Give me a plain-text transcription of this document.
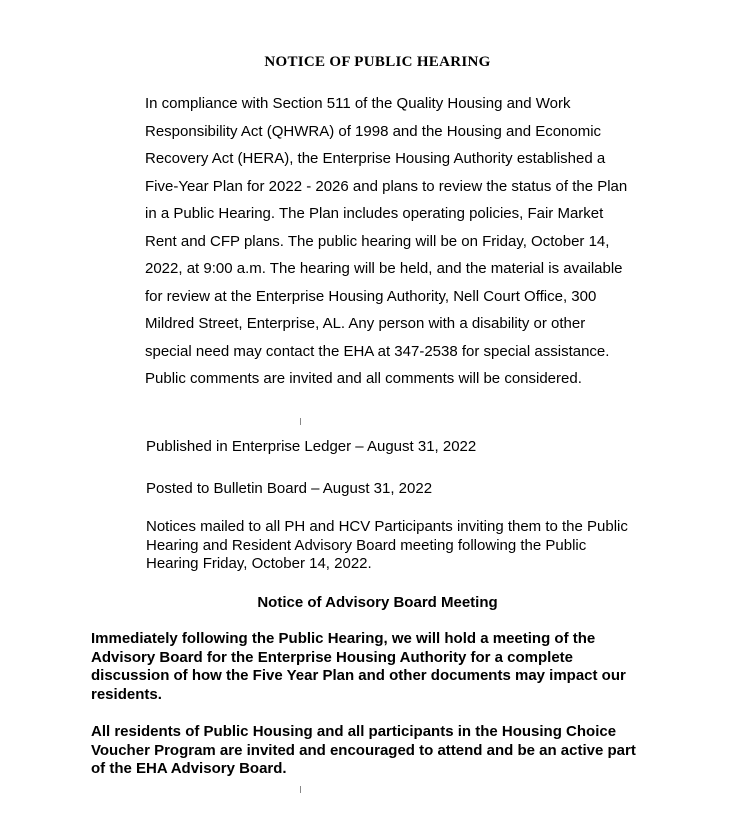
NOTICE OF PUBLIC HEARING
In compliance with Section 511 of the Quality Housing and Work
Responsibility Act (QHWRA) of 1998 and the Housing and Economic
Recovery Act (HERA), the Enterprise Housing Authority established a
Five-Year Plan for 2022 - 2026 and plans to review the status of the Plan
in a Public Hearing. The Plan includes operating policies, Fair Market
Rent and CFP plans. The public hearing will be on Friday, October 14,
2022, at 9:00 a.m. The hearing will be held, and the material is available
for review at the Enterprise Housing Authority, Nell Court Office, 300
Mildred Street, Enterprise, AL. Any person with a disability or other
special need may contact the EHA at 347-2538 for special assistance.
Public comments are invited and all comments will be considered.
Published in Enterprise Ledger – August 31, 2022
Posted to Bulletin Board – August 31, 2022
Notices mailed to all PH and HCV Participants inviting them to the Public
Hearing and Resident Advisory Board meeting following the Public
Hearing Friday, October 14, 2022.
Notice of Advisory Board Meeting
Immediately following the Public Hearing, we will hold a meeting of the
Advisory Board for the Enterprise Housing Authority for a complete
discussion of how the Five Year Plan and other documents may impact our
residents.
All residents of Public Housing and all participants in the Housing Choice
Voucher Program are invited and encouraged to attend and be an active part
of the EHA Advisory Board.
